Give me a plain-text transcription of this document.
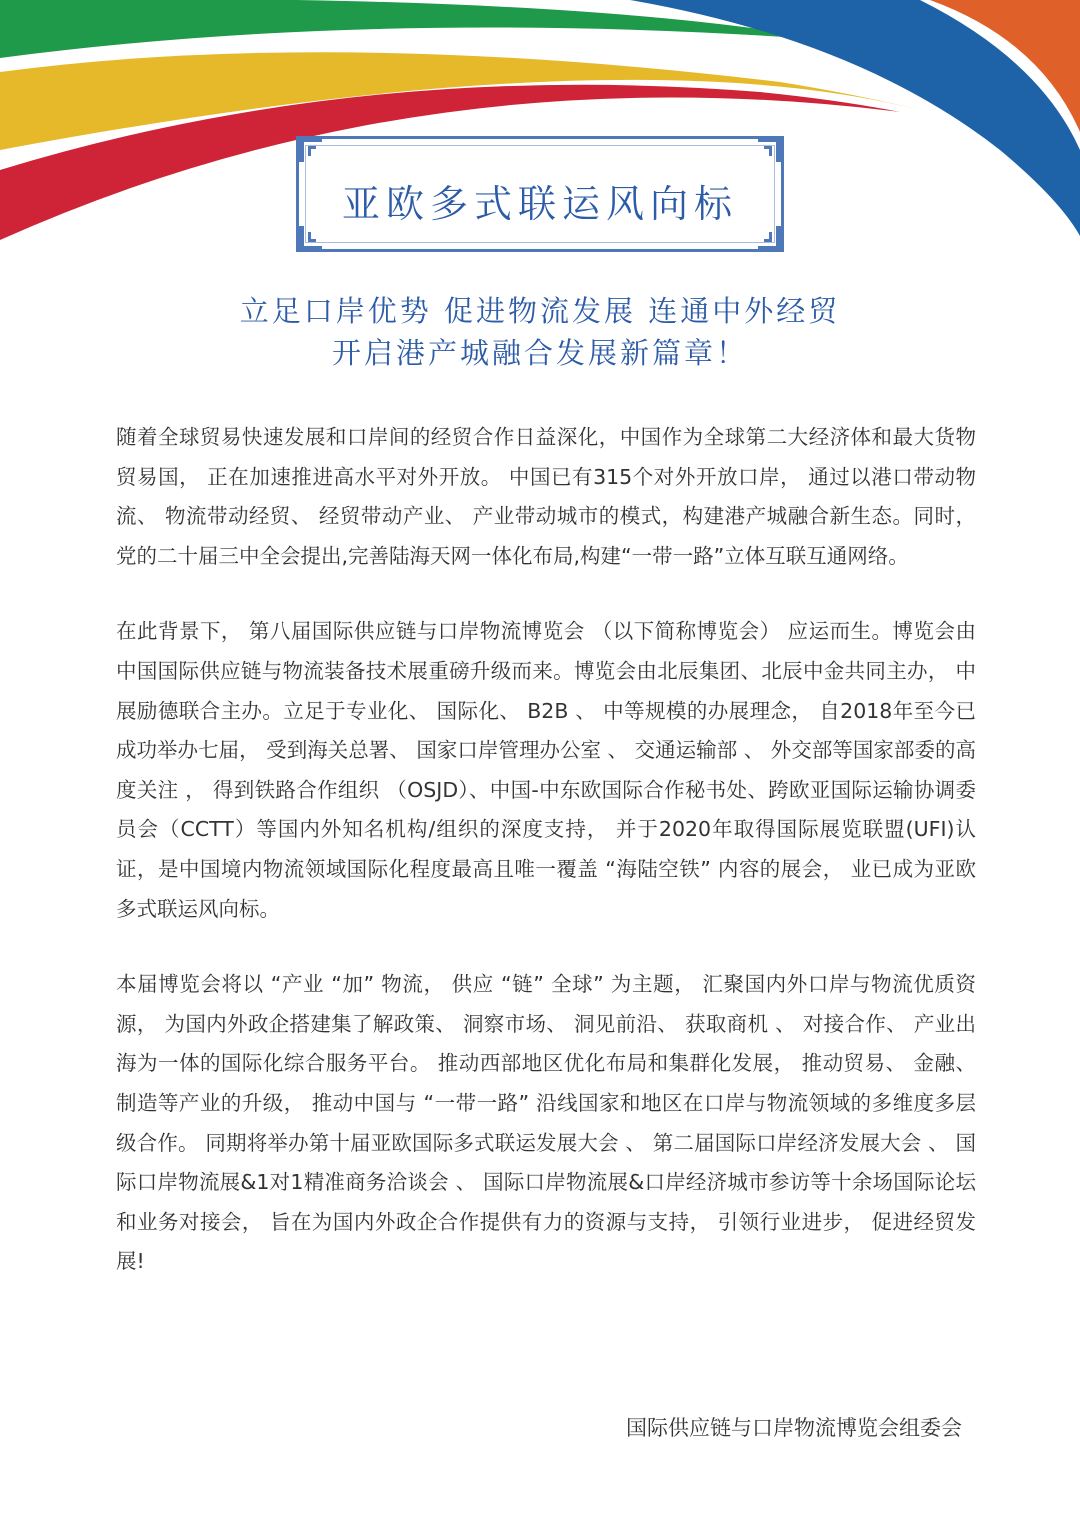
亚欧多式联运风向标
立足口岸优势 促进物流发展 连通中外经贸
开启港产城融合发展新篇章！

随着全球贸易快速发展和口岸间的经贸合作日益深化，中国作为全球第二大经济体和最大货物贸易国， 正在加速推进高水平对外开放。 中国已有315个对外开放口岸， 通过以港口带动物流、 物流带动经贸、 经贸带动产业、 产业带动城市的模式，构建港产城融合新生态。同时，党的二十届三中全会提出,完善陆海天网一体化布局,构建“一带一路”立体互联互通网络。

在此背景下， 第八届国际供应链与口岸物流博览会 （以下简称博览会） 应运而生。博览会由中国国际供应链与物流装备技术展重磅升级而来。博览会由北辰集团、北辰中金共同主办， 中展励德联合主办。立足于专业化、 国际化、 B2B 、 中等规模的办展理念， 自2018年至今已成功举办七届， 受到海关总署、 国家口岸管理办公室 、 交通运输部 、 外交部等国家部委的高度关注 ， 得到铁路合作组织 （OSJD）、中国-中东欧国际合作秘书处、跨欧亚国际运输协调委员会（CCTT）等国内外知名机构/组织的深度支持， 并于2020年取得国际展览联盟(UFI)认证，是中国境内物流领域国际化程度最高且唯一覆盖 “海陆空铁” 内容的展会， 业已成为亚欧多式联运风向标。

本届博览会将以 “产业 “加” 物流， 供应 “链” 全球” 为主题， 汇聚国内外口岸与物流优质资源， 为国内外政企搭建集了解政策、 洞察市场、 洞见前沿、 获取商机 、 对接合作、 产业出海为一体的国际化综合服务平台。 推动西部地区优化布局和集群化发展， 推动贸易、 金融、 制造等产业的升级， 推动中国与 “一带一路” 沿线国家和地区在口岸与物流领域的多维度多层级合作。 同期将举办第十届亚欧国际多式联运发展大会 、 第二届国际口岸经济发展大会 、 国际口岸物流展&1对1精准商务洽谈会 、 国际口岸物流展&口岸经济城市参访等十余场国际论坛和业务对接会， 旨在为国内外政企合作提供有力的资源与支持， 引领行业进步， 促进经贸发展!

国际供应链与口岸物流博览会组委会
